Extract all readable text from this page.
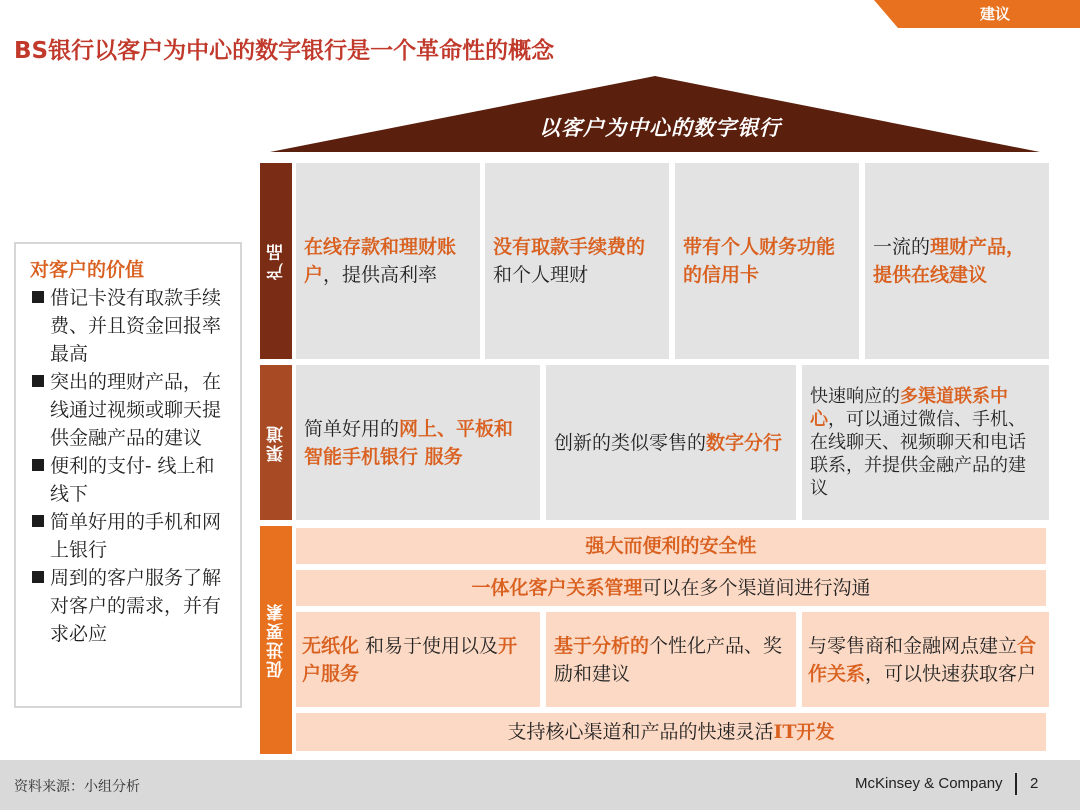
建议
BS银行以客户为中心的数字银行是一个革命性的概念
以客户为中心的数字银行
对客户的价值
借记卡没有取款手续费、并且资金回报率最高
突出的理财产品，在线通过视频或聊天提供金融产品的建议
便利的支付- 线上和线下
简单好用的手机和网上银行
周到的客户服务了解对客户的需求，并有求必应
产品
渠道
促进要素
在线存款和理财账户，提供高利率
没有取款手续费的和个人理财
带有个人财务功能的信用卡
一流的理财产品，提供在线建议
简单好用的网上、平板和智能手机银行 服务
创新的类似零售的数字分行
快速响应的多渠道联系中心，可以通过微信、手机、在线聊天、视频聊天和电话联系，并提供金融产品的建议
强大而便利的安全性
一体化客户关系管理 可以在多个渠道间进行沟通
无纸化 和易于使用以及开户服务
基于分析的个性化产品、奖励和建议
与零售商和金融网点建立合作关系，可以快速获取客户
支持核心渠道和产品的快速灵活 IT 开发
资料来源：小组分析	McKinsey & Company 2
